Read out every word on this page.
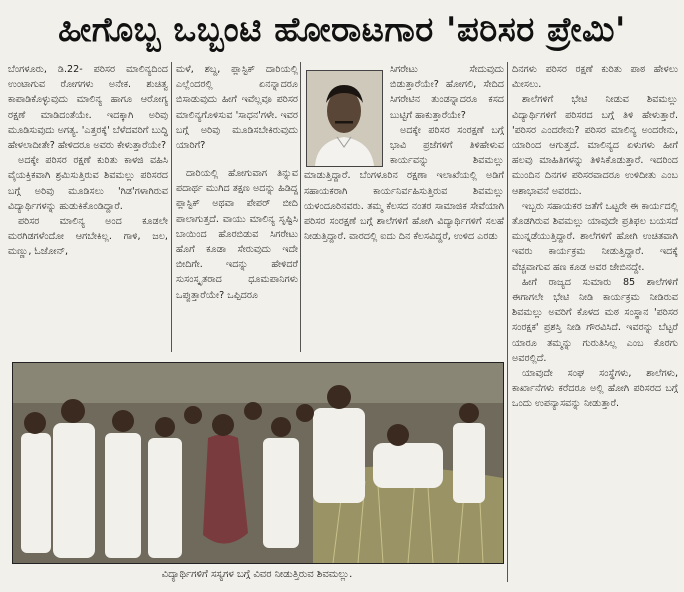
ಹೀಗೊಬ್ಬ ಒಬ್ಬಂಟಿ ಹೋರಾಟಗಾರ 'ಪರಿಸರ ಪ್ರೇಮಿ'

ಬೆಂಗಳೂರು, ಡಿ.22- ಪರಿಸರ ಮಾಲಿನ್ಯದಿಂದ ಉಂಟಾಗುವ ರೋಗಗಳು ಅನೇಕ. ಶುಚಿತ್ವ ಕಾಪಾಡಿಕೊಳ್ಳುವುದು ಮಾಲಿನ್ಯ ಹಾಗೂ ಆರೋಗ್ಯ ರಕ್ಷಣೆ ಮಾಡಿದಂತೆಯೇ. ಇದಕ್ಕಾಗಿ ಅರಿವು ಮೂಡಿಸುವುದು ಅಗತ್ಯ. 'ಎತ್ತರಕ್ಕೆ' ಬೆಳೆದವರಿಗೆ ಬುದ್ಧಿ ಹೇಳಲಾದೀತೇ? ಹೇಳಿದರೂ ಅವರು ಕೇಳುತ್ತಾರೆಯೇ?

ಅದಕ್ಕೇ ಪರಿಸರ ರಕ್ಷಣೆ ಕುರಿತು ಕಾಳಜಿ ವಹಿಸಿ ವೈಯಕ್ತಿಕವಾಗಿ ಶ್ರಮಿಸುತ್ತಿರುವ ಶಿವಮಲ್ಲು ಪರಿಸರದ ಬಗ್ಗೆ ಅರಿವು ಮೂಡಿಸಲು 'ಗಿಡ'ಗಳಾಗಿರುವ ವಿದ್ಯಾರ್ಥಿಗಳನ್ನು ಹುಡುಕಿಕೊಂಡಿದ್ದಾರೆ.

ಪರಿಸರ ಮಾಲಿನ್ಯ ಅಂದ ಕೂಡಲೇ ಮರಗಿಡಗಳೆಂದೋ ಆಗಬೇಕಿಲ್ಲ. ಗಾಳಿ, ಜಲ, ಮಣ್ಣು, ಓಜೋನ್,

ಮಳೆ, ಶಬ್ದ, ಪ್ಲಾಸ್ಟಿಕ್ ದಾರಿಯಲ್ಲಿ ಎಲ್ಲೆಂದರಲ್ಲಿ ಏನನ್ನಾದರೂ ಬಿಸಾಡುವುದು ಹೀಗೆ ಇವೆಲ್ಲವೂ ಪರಿಸರ ಮಾಲಿನ್ಯಗೊಳಿಸುವ 'ಸಾಧನ'ಗಳೇ. ಇವರ ಬಗ್ಗೆ ಅರಿವು ಮೂಡಿಸಬೇಕಿರುವುದು ಯಾರಿಗೆ?

ದಾರಿಯಲ್ಲಿ ಹೋಗುವಾಗ ತಿನ್ನುವ ಪದಾರ್ಥ ಮುಗಿದ ತಕ್ಷಣ ಅದನ್ನು ಹಿಡಿದ್ದ ಪ್ಲಾಸ್ಟಿಕ್ ಅಥವಾ ಪೇಪರ್ ಬೀದಿ ಪಾಲಾಗುತ್ತದೆ. ವಾಯು ಮಾಲಿನ್ಯ ಸೃಷ್ಟಿಸಿ ಬಾಯಿಂದ ಹೊರಬಿಡುವ ಸಿಗರೇಟು ಹೊಗೆ ಕೂಡಾ ಸೇರುವುದು ಇದೇ ಬೀದಿಗೇ. ಇದನ್ನು ಹೇಳಿದರೆ ಸುಸಂಸ್ಕೃತರಾದ ಧೂಮಪಾನಿಗಳು ಒಪ್ಪುತ್ತಾರೆಯೇ? ಒಪ್ಪಿದರೂ

ಸಿಗರೇಟು ಸೇದುವುದು ಬಿಡುತ್ತಾರೆಯೇ? ಹೋಗಲಿ, ಸೇದಿದ ಸಿಗರೇಟಿನ ತುಂಡನ್ನಾದರೂ ಕಸದ ಬುಟ್ಟಿಗೆ ಹಾಕುತ್ತಾರೆಯೇ?

ಅದಕ್ಕೇ ಪರಿಸರ ಸಂರಕ್ಷಣೆ ಬಗ್ಗೆ ಭಾವಿ ಪ್ರಜೆಗಳಿಗೆ ತಿಳಿಹೇಳುವ ಕಾರ್ಯವನ್ನು ಶಿವಮಲ್ಲು ಮಾಡುತ್ತಿದ್ದಾರೆ. ಬೆಂಗಳೂರಿನ ರಕ್ಷಣಾ ಇಲಾಖೆಯಲ್ಲಿ ಅಡಿಗೆ ಸಹಾಯಕರಾಗಿ ಕಾರ್ಯನಿರ್ವಹಿಸುತ್ತಿರುವ ಶಿವಮಲ್ಲು ಯಳಂದೂರಿನವರು. ತಮ್ಮ ಕೆಲಸದ ನಂತರ ಸಾಮಾಜಿಕ ಸೇವೆಯಾಗಿ ಪರಿಸರ ಸಂರಕ್ಷಣೆ ಬಗ್ಗೆ ಶಾಲೆಗಳಿಗೆ ಹೋಗಿ ವಿದ್ಯಾರ್ಥಿಗಳಿಗೆ ಸಲಹೆ ನೀಡುತ್ತಿದ್ದಾರೆ. ವಾರದಲ್ಲಿ ಐದು ದಿನ ಕೆಲಸವಿದ್ದರೆ, ಉಳಿದ ಎರಡು

ದಿನಗಳು ಪರಿಸರ ರಕ್ಷಣೆ ಕುರಿತು ಪಾಠ ಹೇಳಲು ಮೀಸಲು.

ಶಾಲೆಗಳಿಗೆ ಭೇಟಿ ನೀಡುವ ಶಿವಮಲ್ಲು ವಿದ್ಯಾರ್ಥಿಗಳಿಗೆ ಪರಿಸರದ ಬಗ್ಗೆ ತಿಳಿ ಹೇಳುತ್ತಾರೆ. 'ಪರಿಸರ ಎಂದರೇನು? ಪರಿಸರ ಮಾಲಿನ್ಯ ಅಂದರೇನು, ಯಾರಿಂದ ಆಗುತ್ತದೆ. ಮಾಲಿನ್ಯದ ಏಳುಗಳು ಹೀಗೆ ಹಲವು ಮಾಹಿತಿಗಳನ್ನು ತಿಳಿಸಿಕೊಡುತ್ತಾರೆ. ಇದರಿಂದ ಮುಂದಿನ ದಿನಗಳ ಪರಿಸರವಾದರೂ ಉಳಿದೀತು ಎಂಬ ಆಶಾಭಾವನೆ ಅವರದು.

ಇಬ್ಬರು ಸಹಾಯಕರ ಜತೆಗೆ ಒಟ್ಟರೇ ಈ ಕಾರ್ಯದಲ್ಲಿ ತೊಡಗಿರುವ ಶಿವಮಲ್ಲು ಯಾವುದೇ ಪ್ರತಿಫಲ ಬಯಸದೆ ಮುನ್ನಡೆಯುತ್ತಿದ್ದಾರೆ. ಶಾಲೆಗಳಿಗೆ ಹೋಗಿ ಉಚಿತವಾಗಿ ಇವರು ಕಾರ್ಯಕ್ರಮ ನೀಡುತ್ತಿದ್ದಾರೆ. ಇದಕ್ಕೆ ವೆಚ್ಚವಾಗುವ ಹಣ ಕೂಡ ಅವರ ಜೇಬಿನದ್ದೇ.

ಹೀಗೆ ರಾಜ್ಯದ ಸುಮಾರು 85 ಶಾಲೆಗಳಿಗೆ ಈಗಾಗಲೇ ಭೇಟಿ ನೀಡಿ ಕಾರ್ಯಕ್ರಮ ನೀಡಿರುವ ಶಿವಮಲ್ಲು ಅವರಿಗೆ ಕೊಳದ ಮಠ ಸಂಸ್ಥಾನ 'ಪರಿಸರ ಸಂರಕ್ಷಕ' ಪ್ರಶಸ್ತಿ ನೀಡಿ ಗೌರವಿಸಿದೆ. ಇವರನ್ನು ಬೆಟ್ಟರೆ ಯಾರೂ ತಮ್ಮನ್ನು ಗುರುತಿಸಿಲ್ಲ ಎಂಬ ಕೊರಗು ಅವರಲ್ಲಿದೆ.

ಯಾವುದೇ ಸಂಘ ಸಂಸ್ಥೆಗಳು, ಶಾಲೆಗಳು, ಕಾರ್ಖಾನೆಗಳು ಕರೆದರೂ ಅಲ್ಲಿ ಹೋಗಿ ಪರಿಸರದ ಬಗ್ಗೆ ಒಂದು ಉಪನ್ಯಾಸವನ್ನು ನೀಡುತ್ತಾರೆ.

ವಿದ್ಯಾರ್ಥಿಗಳಿಗೆ ಸಸ್ಯಗಳ ಬಗ್ಗೆ ವಿವರ ನೀಡುತ್ತಿರುವ ಶಿವಮಲ್ಲು.
